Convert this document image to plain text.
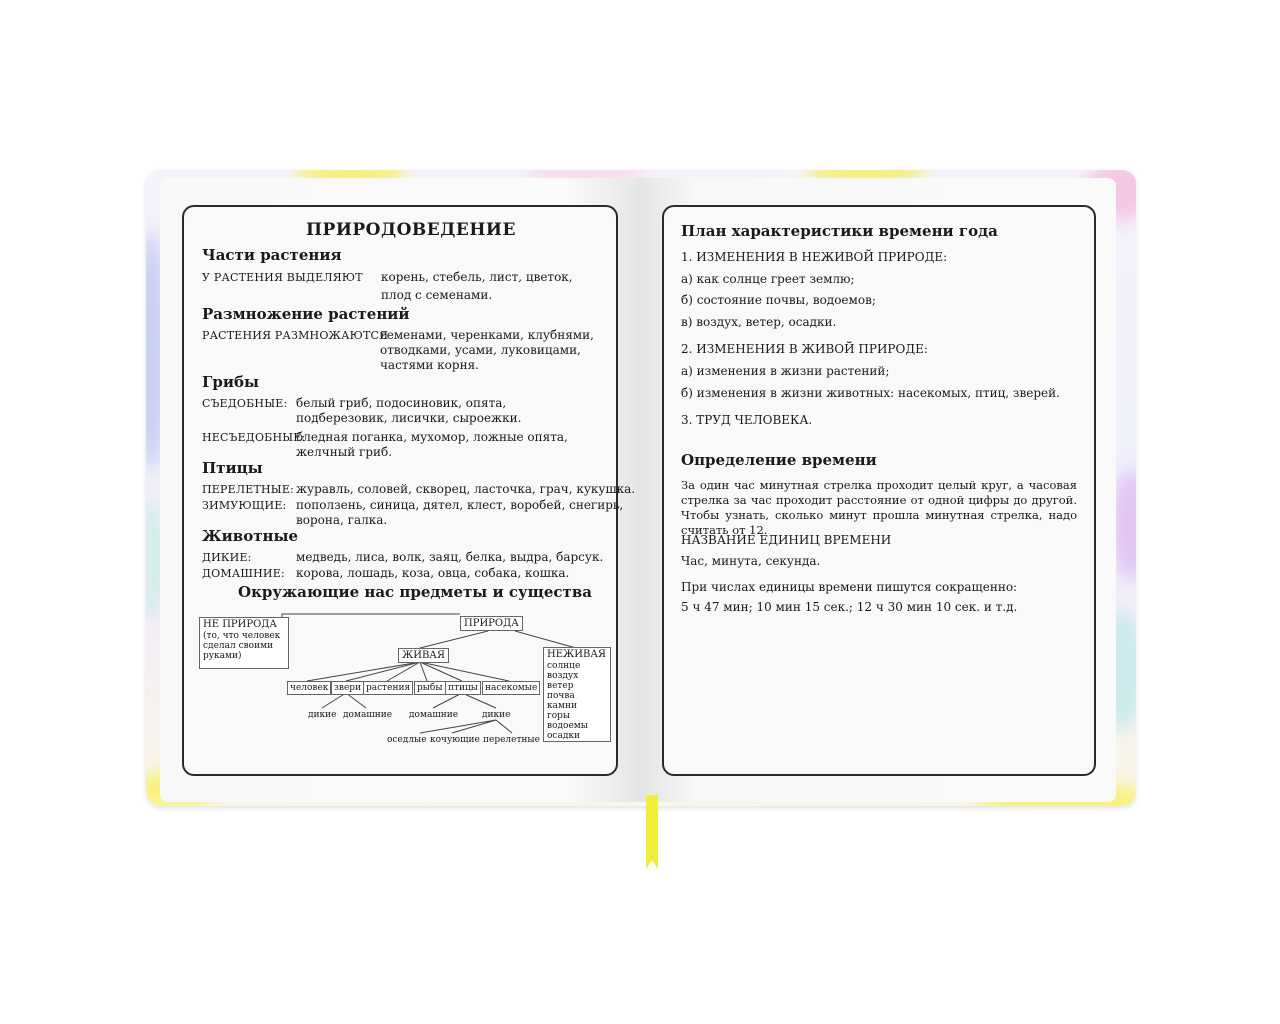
ПРИРОДОВЕДЕНИЕ
Части растения
У РАСТЕНИЯ ВЫДЕЛЯЮТ корень, стебель, лист, цветок,
плод с семенами.
Размножение растений
РАСТЕНИЯ РАЗМНОЖАЮТСЯ
семенами, черенками, клубнями,
отводками, усами, луковицами,
частями корня.
Грибы
СЪЕДОБНЫЕ: белый гриб, подосиновик, опята,
подберезовик, лисички, сыроежки.
НЕСЪЕДОБНЫЕ:
бледная поганка, мухомор, ложные опята,
желчный гриб.
Птицы
ПЕРЕЛЕТНЫЕ: журавль, соловей, скворец, ласточка, грач, кукушка.
ЗИМУЮЩИЕ: поползень, синица, дятел, клест, воробей, снегирь,
ворона, галка.
Животные
ДИКИЕ:	медведь, лиса, волк, заяц, белка, выдра, барсук.
ДОМАШНИЕ: корова, лошадь, коза, овца, собака, кошка.
Окружающие нас предметы и существа
НЕ ПРИРОДА
(то, что человек
сделал своими
руками)
ПРИРОДА
ЖИВАЯ	НЕЖИВАЯ
солнце
воздух
ветер
почва
камни
горы
водоемы
осадки
человек звери растения рыбы птицы насекомые
дикие домашние домашние	дикие
оседлые кочующие перелетные
План характеристики времени года
1. ИЗМЕНЕНИЯ В НЕЖИВОЙ ПРИРОДЕ:
а) как солнце греет землю;
б) состояние почвы, водоемов;
в) воздух, ветер, осадки.
2. ИЗМЕНЕНИЯ В ЖИВОЙ ПРИРОДЕ:
а) изменения в жизни растений;
б) изменения в жизни животных: насекомых, птиц, зверей.
3. ТРУД ЧЕЛОВЕКА.
Определение времени
За один час минутная стрелка проходит целый круг, а часовая стрелка за час проходит расстояние от одной цифры до другой. Чтобы узнать, сколько минут прошла минутная стрелка, надо считать от 12.
НАЗВАНИЕ ЕДИНИЦ ВРЕМЕНИ
Час, минута, секунда.
При числах единицы времени пишутся сокращенно:
5 ч 47 мин; 10 мин 15 сек.; 12 ч 30 мин 10 сек. и т.д.
